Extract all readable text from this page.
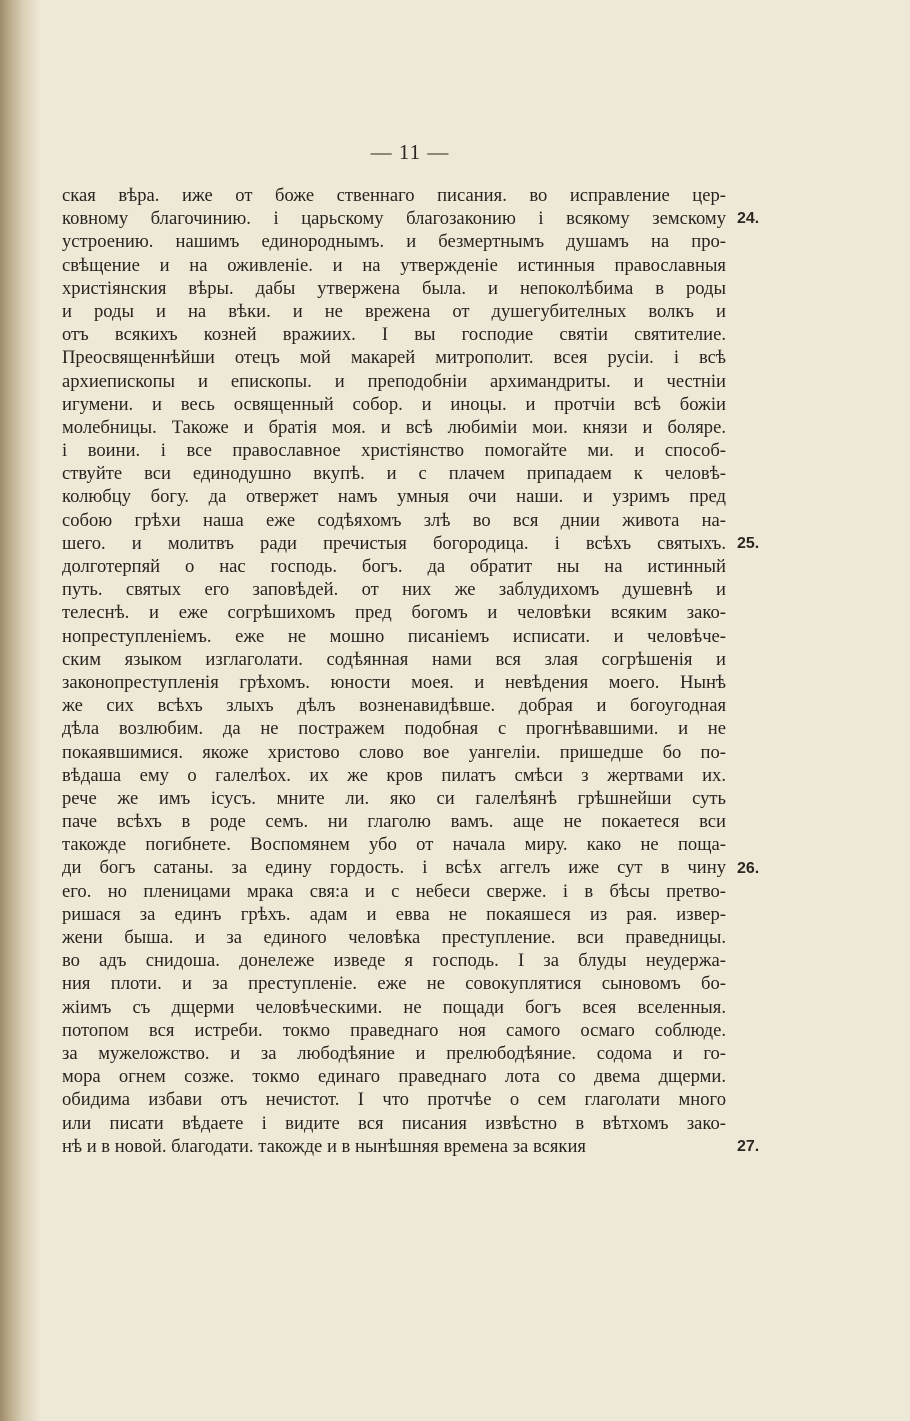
— 11 —
ская вѣра. иже от боже ственнаго писания. во исправление цер-
ковному благочинию. і царьскому благозаконию і всякому земскому
устроению. нашимъ единороднымъ. и безмертнымъ душамъ на про-
свѣщение и на оживленіе. и на утвержденіе истинныя православныя
христіянския вѣры. дабы утвержена была. и непоколѣбима в роды
и роды и на вѣки. и не врежена от душегубителных волкъ и
отъ всякихъ козней вражиих. I вы господие святіи святителие.
Преосвященнѣйши отецъ мой макарей митрополит. всея русіи. і всѣ
архиепископы и епископы. и преподобніи архимандриты. и честніи
игумени. и весь освященный собор. и иноцы. и протчіи всѣ божіи
молебницы. Такоже и братія моя. и всѣ любиміи мои. князи и боляре.
і воини. і все православное христіянство помогайте ми. и способ-
ствуйте вси единодушно вкупѣ. и с плачем припадаем к человѣ-
колюбцу богу. да отвержет намъ умныя очи наши. и узримъ пред
собою грѣхи наша еже содѣяхомъ злѣ во вся днии живота на-
шего. и молитвъ ради пречистыя богородица. і всѣхъ святыхъ.
долготерпяй о нас господь. богъ. да обратит ны на истинный
путь. святых его заповѣдей. от них же заблудихомъ душевнѣ и
телеснѣ. и еже согрѣшихомъ пред богомъ и человѣки всяким зако-
нопреступленіемъ. еже не мошно писаніемъ исписати. и человѣче-
ским языком изглаголати. содѣянная нами вся злая согрѣшенія и
законопреступленія грѣхомъ. юности моея. и невѣдения моего. Нынѣ
же сих всѣхъ злыхъ дѣлъ возненавидѣвше. добрая и богоугодная
дѣла возлюбим. да не постражем подобная с прогнѣвавшими. и не
покаявшимися. якоже христово слово вое уангеліи. пришедше бо по-
вѣдаша ему о галелѣох. их же кров пилатъ смѣси з жертвами их.
рече же имъ ісусъ. мните ли. яко си галелѣянѣ грѣшнейши суть
паче всѣхъ в роде семъ. ни глаголю вамъ. аще не покаетеся вси
такожде погибнете. Воспомянем убо от начала миру. како не пощa-
ди богъ сатаны. за едину гордость. і всѣх аггелъ иже сут в чину
его. но пленицами мрака свя:а и с небеси сверже. і в бѣсы претво-
ришася за единъ грѣхъ. адам и евва не покаяшеся из рая. извер-
жени быша. и за единого человѣка преступление. вси праведницы.
во адъ снидоша. донележе изведе я господь. I за блуды неудержа-
ния плоти. и за преступленіе. еже не совокуплятися сыновомъ бо-
жіимъ съ дщерми человѣческими. не пощади богъ всея вселенныя.
потопом вся истреби. токмо праведнаго ноя самого осмаго соблюде.
за мужеложство. и за любодѣяние и прелюбодѣяние. содома и го-
мора огнем созже. токмо единаго праведнаго лота со двема дщерми.
обидима избави отъ нечистот. I что протчѣе о сем глаголати много
или писати вѣдаете і видите вся писания извѣстно в вѣтхомъ зако-
нѣ и в новой. благодати. такожде и в нынѣшняя времена за всякия
24.
25.
26.
27.
